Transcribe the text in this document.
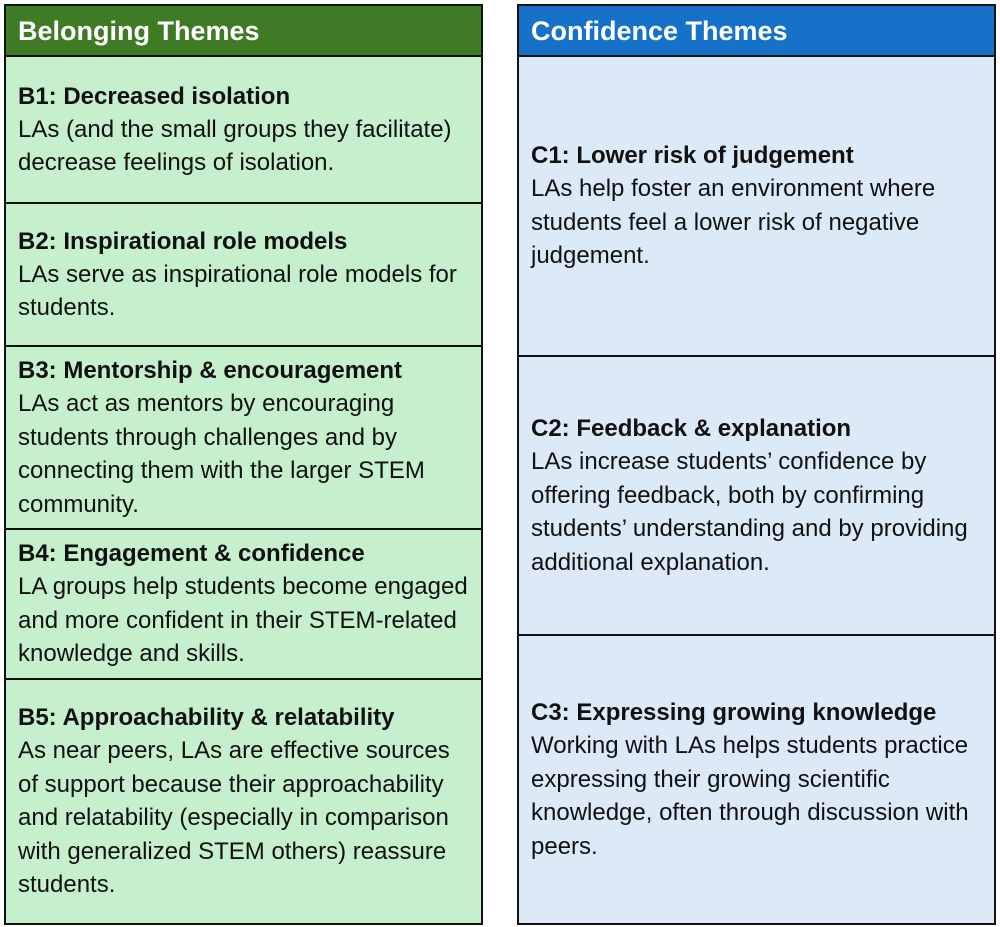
Belonging Themes
B1: Decreased isolation
LAs (and the small groups they facilitate) decrease feelings of isolation.
B2: Inspirational role models
LAs serve as inspirational role models for students.
B3: Mentorship & encouragement
LAs act as mentors by encouraging students through challenges and by connecting them with the larger STEM community.
B4: Engagement & confidence
LA groups help students become engaged and more confident in their STEM-related knowledge and skills.
B5: Approachability & relatability
As near peers, LAs are effective sources of support because their approachability and relatability (especially in comparison with generalized STEM others) reassure students.
Confidence Themes
C1: Lower risk of judgement
LAs help foster an environment where students feel a lower risk of negative judgement.
C2: Feedback & explanation
LAs increase students’ confidence by offering feedback, both by confirming students’ understanding and by providing additional explanation.
C3: Expressing growing knowledge
Working with LAs helps students practice expressing their growing scientific knowledge, often through discussion with peers.
